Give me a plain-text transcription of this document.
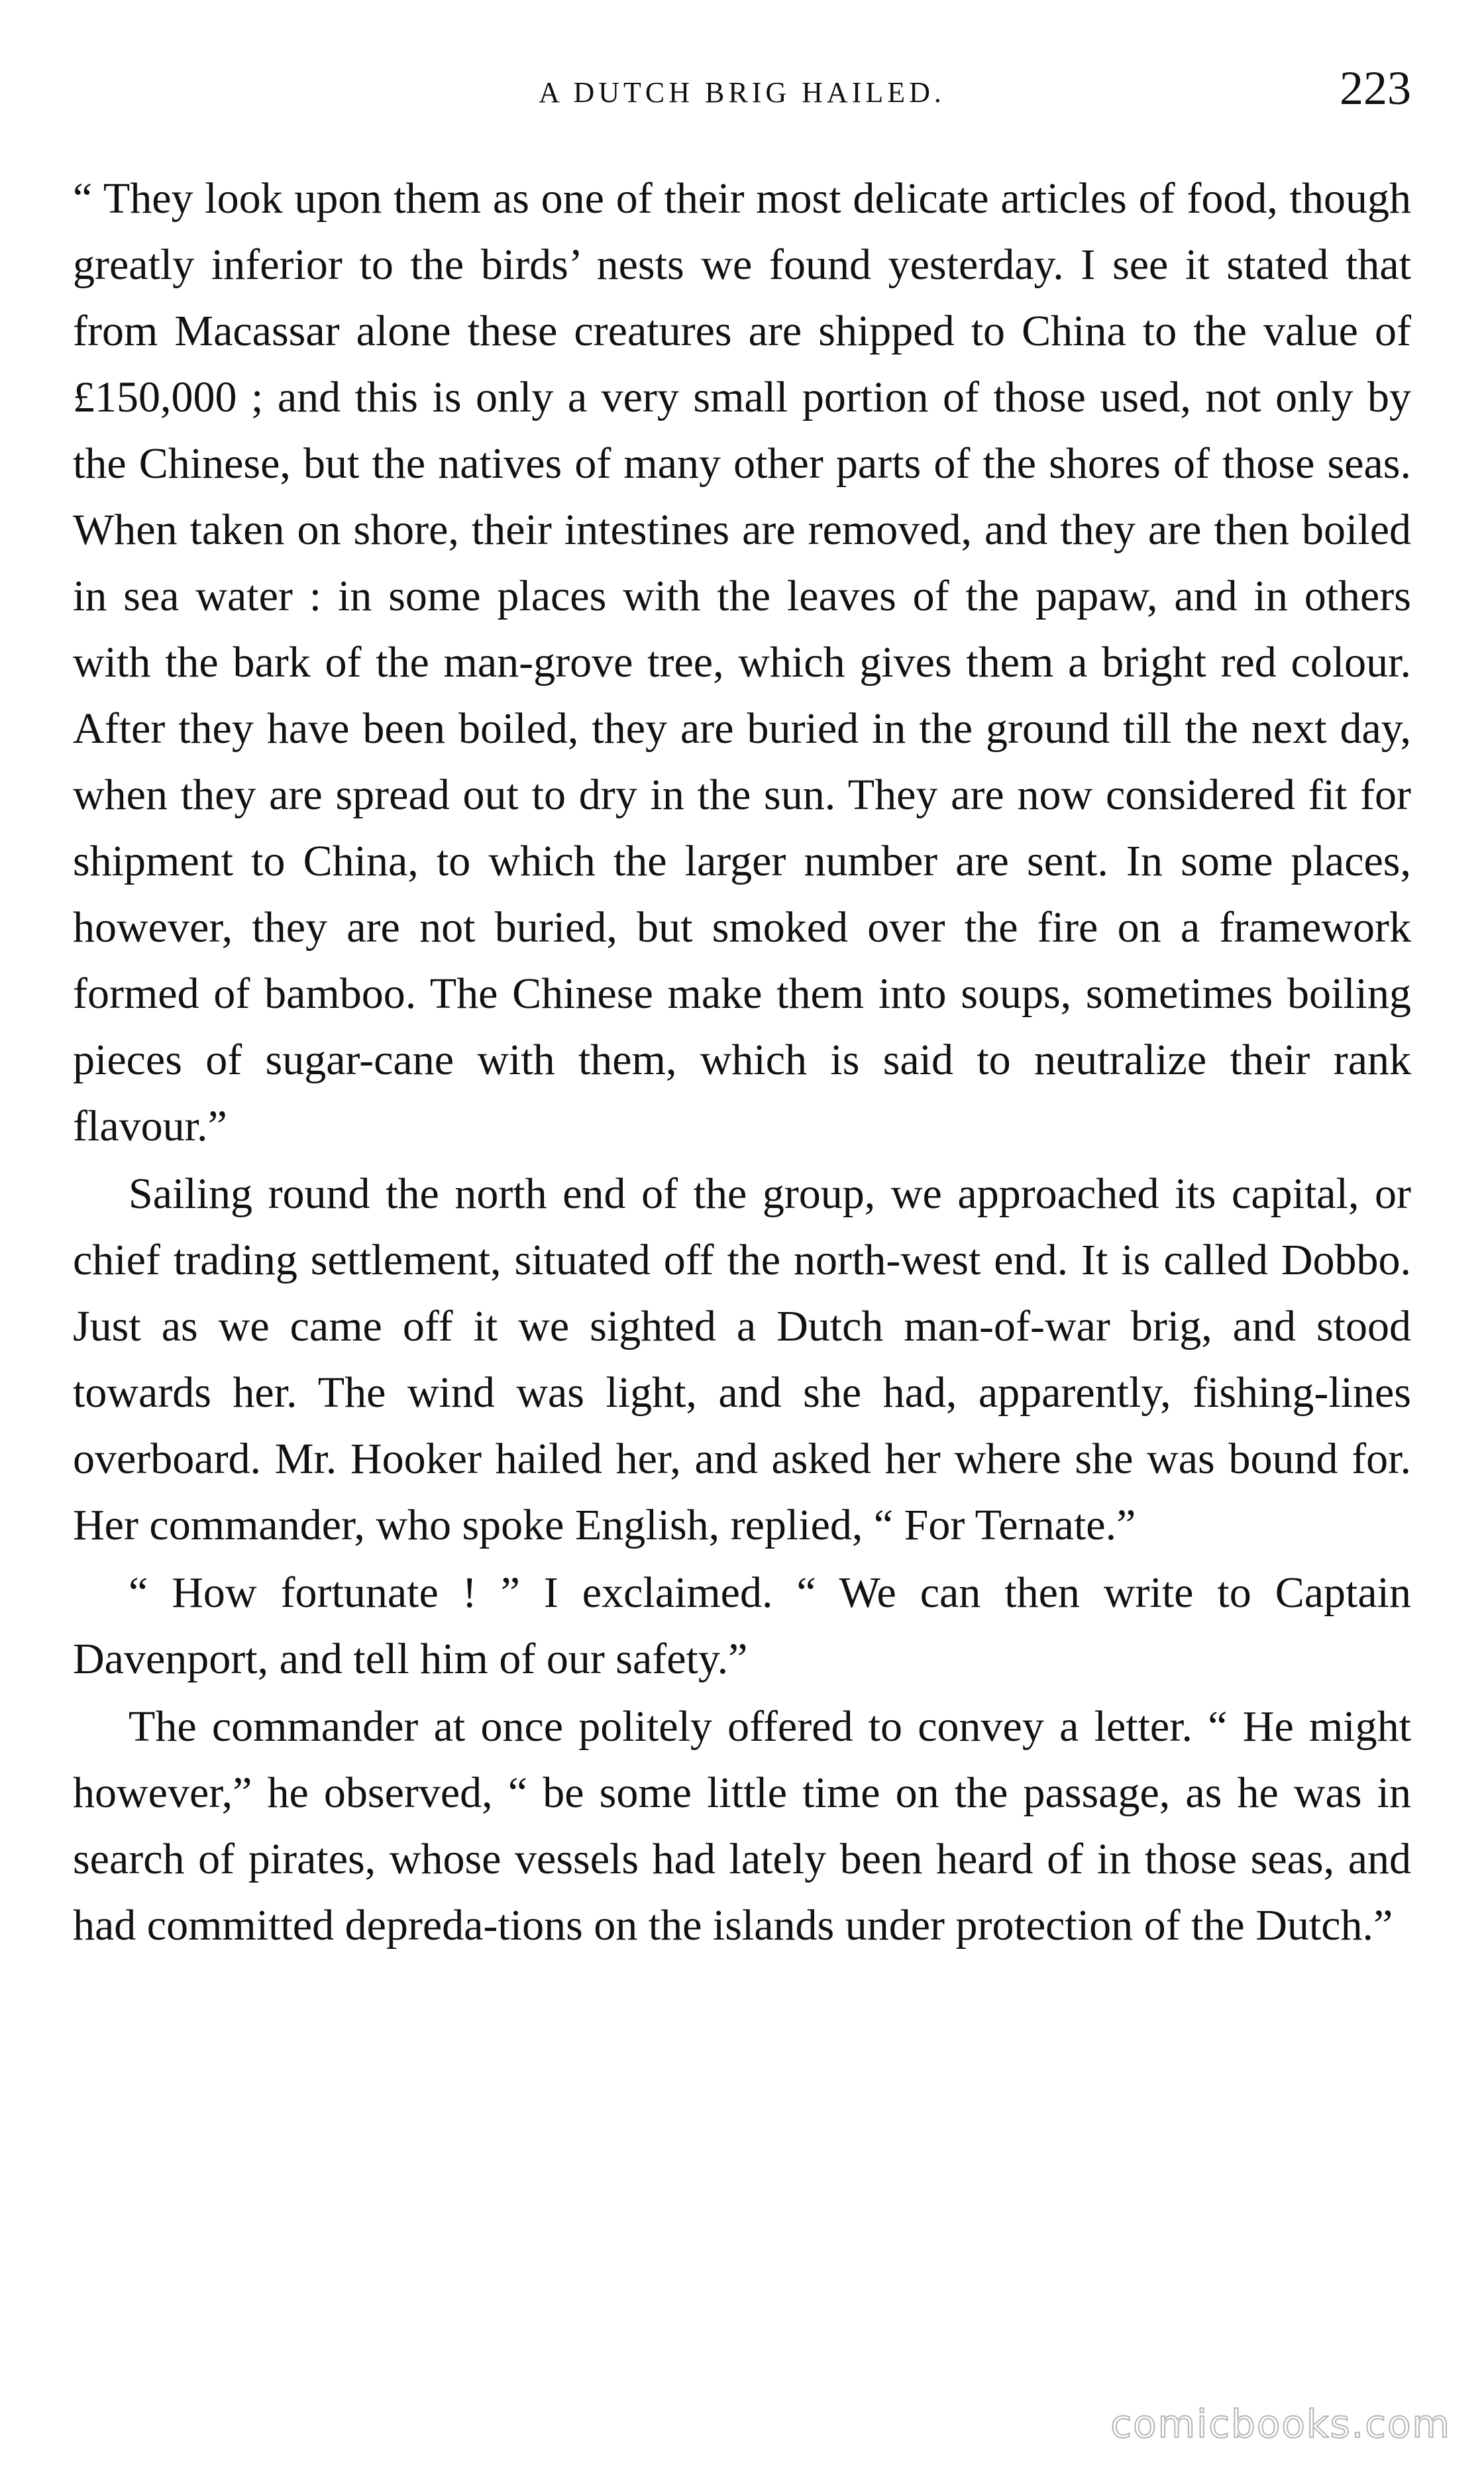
A DUTCH BRIG HAILED.	223

“ They look upon them as one of their most delicate articles of food, though greatly inferior to the birds’ nests we found yesterday. I see it stated that from Macassar alone these creatures are shipped to China to the value of £150,000 ; and this is only a very small portion of those used, not only by the Chinese, but the natives of many other parts of the shores of those seas. When taken on shore, their intestines are removed, and they are then boiled in sea water : in some places with the leaves of the papaw, and in others with the bark of the man-grove tree, which gives them a bright red colour. After they have been boiled, they are buried in the ground till the next day, when they are spread out to dry in the sun. They are now considered fit for shipment to China, to which the larger number are sent. In some places, however, they are not buried, but smoked over the fire on a framework formed of bamboo. The Chinese make them into soups, sometimes boiling pieces of sugar-cane with them, which is said to neutralize their rank flavour.”

Sailing round the north end of the group, we approached its capital, or chief trading settlement, situated off the north-west end. It is called Dobbo. Just as we came off it we sighted a Dutch man-of-war brig, and stood towards her. The wind was light, and she had, apparently, fishing-lines overboard. Mr. Hooker hailed her, and asked her where she was bound for. Her commander, who spoke English, replied, “ For Ternate.”

“ How fortunate ! ” I exclaimed. “ We can then write to Captain Davenport, and tell him of our safety.”

The commander at once politely offered to convey a letter. “ He might however,” he observed, “ be some little time on the passage, as he was in search of pirates, whose vessels had lately been heard of in those seas, and had committed depreda-tions on the islands under protection of the Dutch.”

comicbooks.com
